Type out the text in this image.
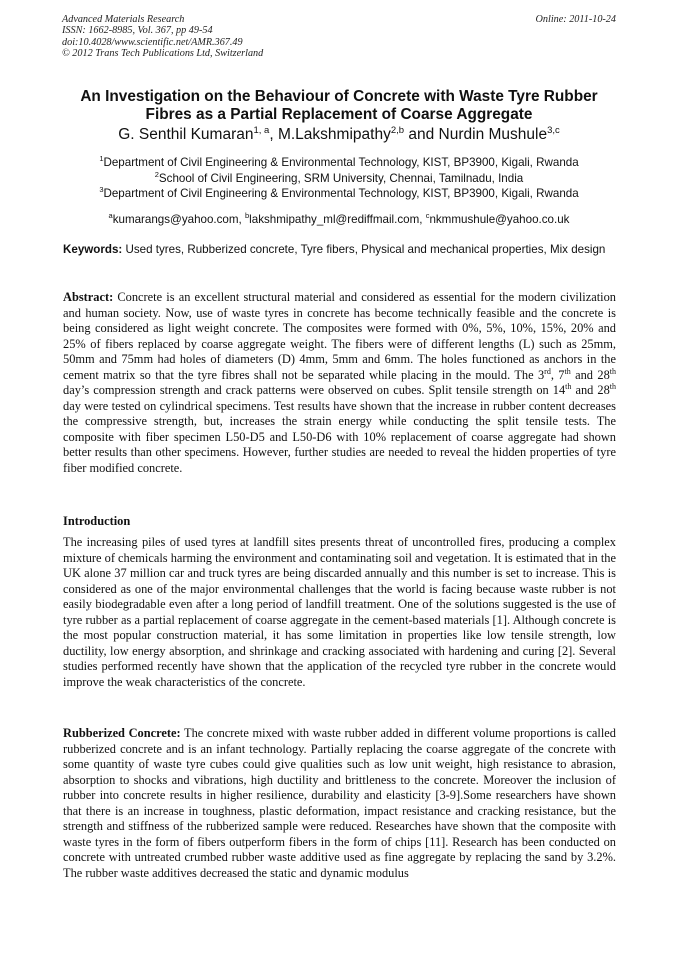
Advanced Materials Research
ISSN: 1662-8985, Vol. 367, pp 49-54
doi:10.4028/www.scientific.net/AMR.367.49
© 2012 Trans Tech Publications Ltd, Switzerland
Online: 2011-10-24
An Investigation on the Behaviour of Concrete with Waste Tyre Rubber
Fibres as a Partial Replacement of Coarse Aggregate
G. Senthil Kumaran$^{1, a}$, M.Lakshmipathy$^{2,b}$ and Nurdin Mushule$^{3,c}$
$^1$Department of Civil Engineering & Environmental Technology, KIST, BP3900, Kigali, Rwanda
$^2$School of Civil Engineering, SRM University, Chennai, Tamilnadu, India
$^3$Department of Civil Engineering & Environmental Technology, KIST, BP3900, Kigali, Rwanda
$^a$kumarangs@yahoo.com, $^b$lakshmipathy_ml@rediffmail.com, $^c$nkmmushule@yahoo.co.uk
Keywords: Used tyres, Rubberized concrete, Tyre fibers, Physical and mechanical properties, Mix design
Abstract: Concrete is an excellent structural material and considered as essential for the modern civilization and human society. Now, use of waste tyres in concrete has become technically feasible and the concrete is being considered as light weight concrete. The composites were formed with 0%, 5%, 10%, 15%, 20% and 25% of fibers replaced by coarse aggregate weight. The fibers were of different lengths (L) such as 25mm, 50mm and 75mm had holes of diameters (D) 4mm, 5mm and 6mm. The holes functioned as anchors in the cement matrix so that the tyre fibres shall not be separated while placing in the mould. The 3rd, 7th and 28th day’s compression strength and crack patterns were observed on cubes. Split tensile strength on 14th and 28th day were tested on cylindrical specimens. Test results have shown that the increase in rubber content decreases the compressive strength, but, increases the strain energy while conducting the split tensile tests. The composite with fiber specimen L50-D5 and L50-D6 with 10% replacement of coarse aggregate had shown better results than other specimens. However, further studies are needed to reveal the hidden properties of tyre fiber modified concrete.
Introduction
The increasing piles of used tyres at landfill sites presents threat of uncontrolled fires, producing a complex mixture of chemicals harming the environment and contaminating soil and vegetation. It is estimated that in the UK alone 37 million car and truck tyres are being discarded annually and this number is set to increase. This is considered as one of the major environmental challenges that the world is facing because waste rubber is not easily biodegradable even after a long period of landfill treatment. One of the solutions suggested is the use of tyre rubber as a partial replacement of coarse aggregate in the cement-based materials [1]. Although concrete is the most popular construction material, it has some limitation in properties like low tensile strength, low ductility, low energy absorption, and shrinkage and cracking associated with hardening and curing [2]. Several studies performed recently have shown that the application of the recycled tyre rubber in the concrete would improve the weak characteristics of the concrete.
Rubberized Concrete: The concrete mixed with waste rubber added in different volume proportions is called rubberized concrete and is an infant technology. Partially replacing the coarse aggregate of the concrete with some quantity of waste tyre cubes could give qualities such as low unit weight, high resistance to abrasion, absorption to shocks and vibrations, high ductility and brittleness to the concrete. Moreover the inclusion of rubber into concrete results in higher resilience, durability and elasticity [3-9].Some researchers have shown that there is an increase in toughness, plastic deformation, impact resistance and cracking resistance, but the strength and stiffness of the rubberized sample were reduced. Researches have shown that the composite with waste tyres in the form of fibers outperform fibers in the form of chips [11]. Research has been conducted on concrete with untreated crumbed rubber waste additive used as fine aggregate by replacing the sand by 3.2%. The rubber waste additives decreased the static and dynamic modulus
